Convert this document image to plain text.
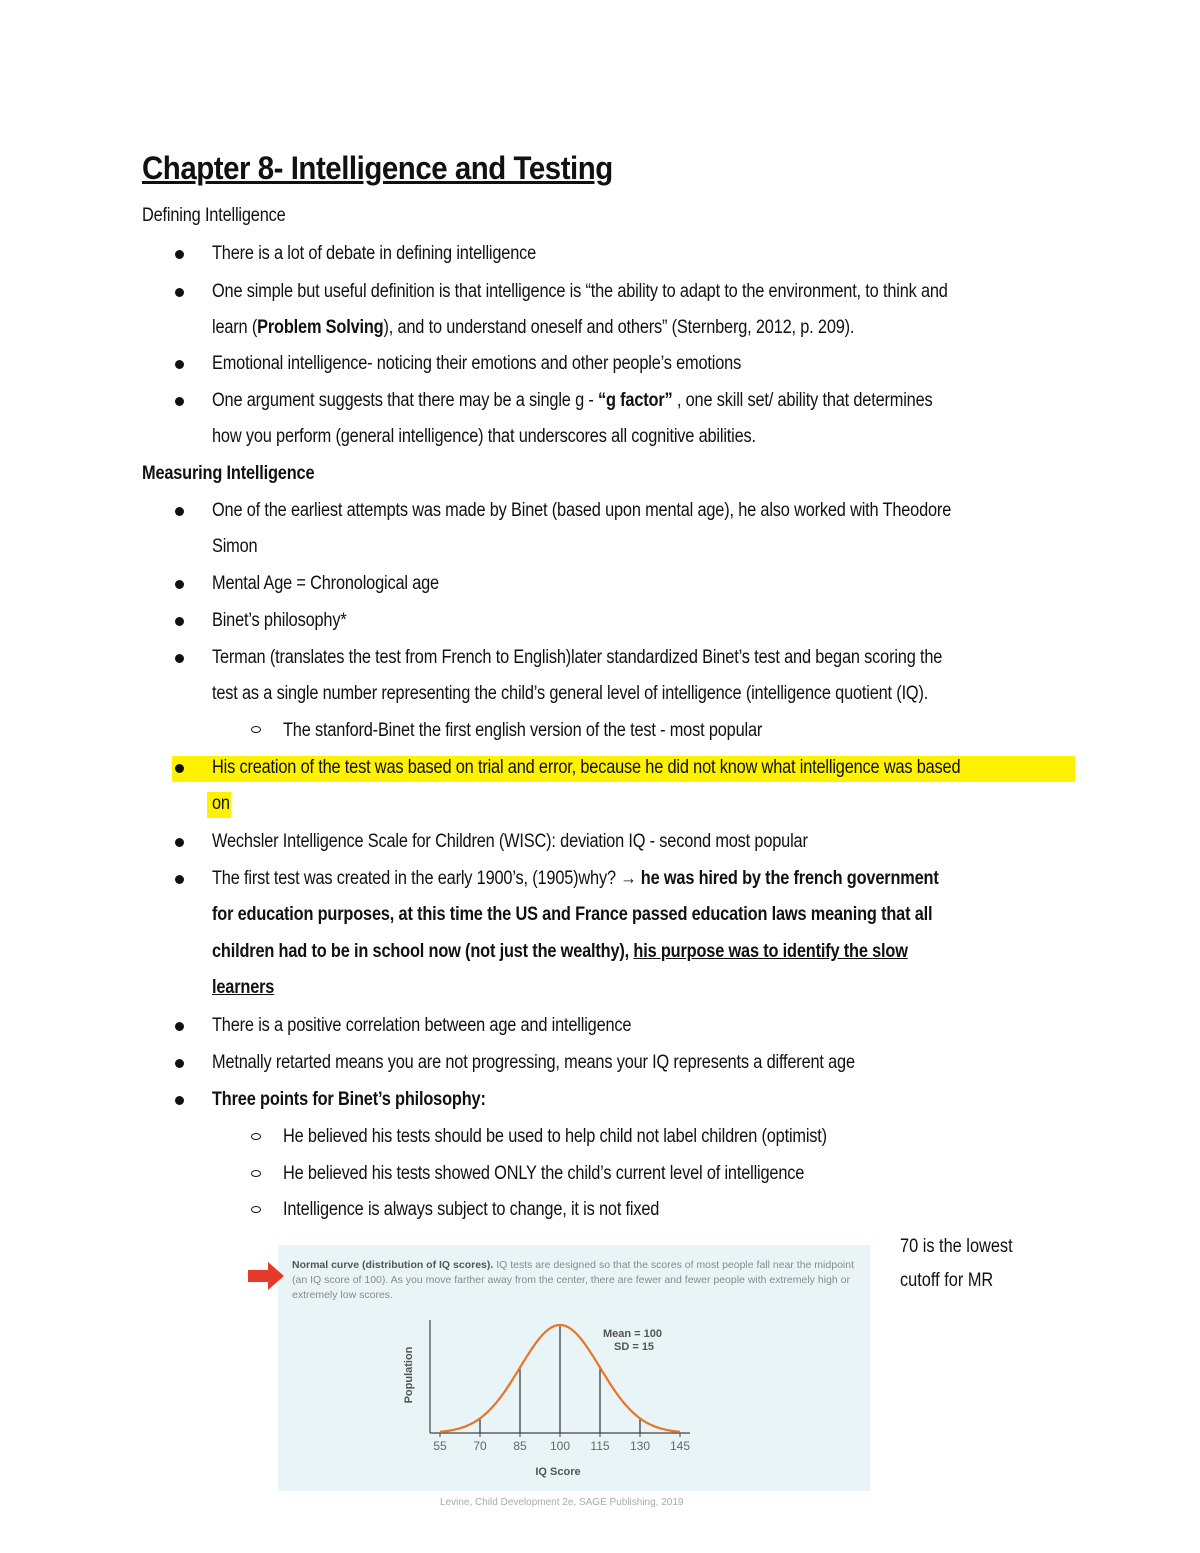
Chapter 8- Intelligence and Testing
Defining Intelligence
There is a lot of debate in defining intelligence
One simple but useful definition is that intelligence is “the ability to adapt to the environment, to think and
learn (Problem Solving), and to understand oneself and others” (Sternberg, 2012, p. 209).
Emotional intelligence- noticing their emotions and other people’s emotions
One argument suggests that there may be a single g - “g factor” , one skill set/ ability that determines
how you perform (general intelligence) that underscores all cognitive abilities.
Measuring Intelligence
One of the earliest attempts was made by Binet (based upon mental age), he also worked with Theodore
Simon
Mental Age = Chronological age
Binet’s philosophy*
Terman (translates the test from French to English)later standardized Binet’s test and began scoring the
test as a single number representing the child’s general level of intelligence (intelligence quotient (IQ).
The stanford-Binet the first english version of the test - most popular
His creation of the test was based on trial and error, because he did not know what intelligence was based
on
Wechsler Intelligence Scale for Children (WISC): deviation IQ - second most popular
The first test was created in the early 1900’s, (1905)why? → he was hired by the french government
for education purposes, at this time the US and France passed education laws meaning that all
children had to be in school now (not just the wealthy), his purpose was to identify the slow
learners
There is a positive correlation between age and intelligence
Metnally retarted means you are not progressing, means your IQ represents a different age
Three points for Binet’s philosophy:
He believed his tests should be used to help child not label children (optimist)
He believed his tests showed ONLY the child’s current level of intelligence
Intelligence is always subject to change, it is not fixed
70 is the lowest
cutoff for MR
Normal curve (distribution of IQ scores). IQ tests are designed so that the scores of most people fall near the midpoint (an IQ score of 100). As you move farther away from the center, there are fewer and fewer people with extremely high or extremely low scores.
Population
55 70 85 100 115 130 145
Mean = 100
SD = 15
IQ Score
Levine, Child Development 2e, SAGE Publishing, 2019
